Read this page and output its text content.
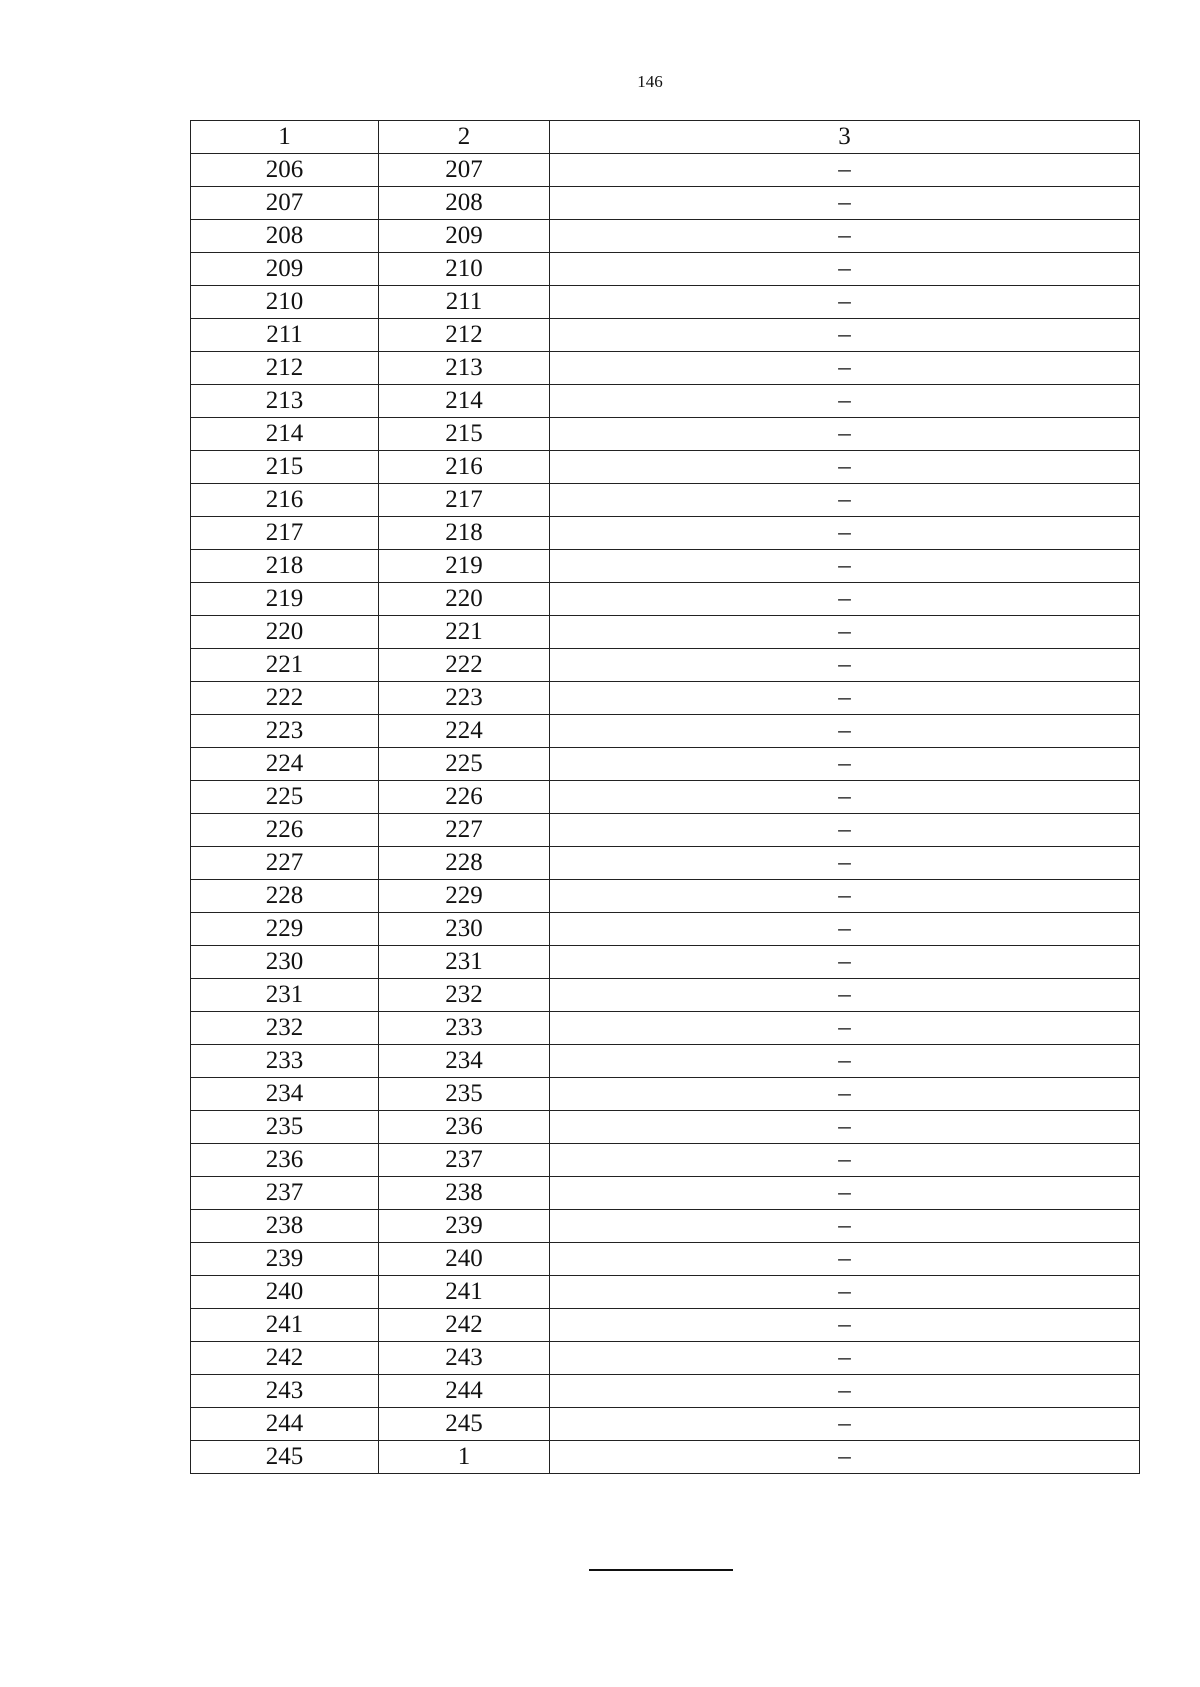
146
1	2	3
206	207	–
207	208	–
208	209	–
209	210	–
210	211	–
211	212	–
212	213	–
213	214	–
214	215	–
215	216	–
216	217	–
217	218	–
218	219	–
219	220	–
220	221	–
221	222	–
222	223	–
223	224	–
224	225	–
225	226	–
226	227	–
227	228	–
228	229	–
229	230	–
230	231	–
231	232	–
232	233	–
233	234	–
234	235	–
235	236	–
236	237	–
237	238	–
238	239	–
239	240	–
240	241	–
241	242	–
242	243	–
243	244	–
244	245	–
245	1	–
